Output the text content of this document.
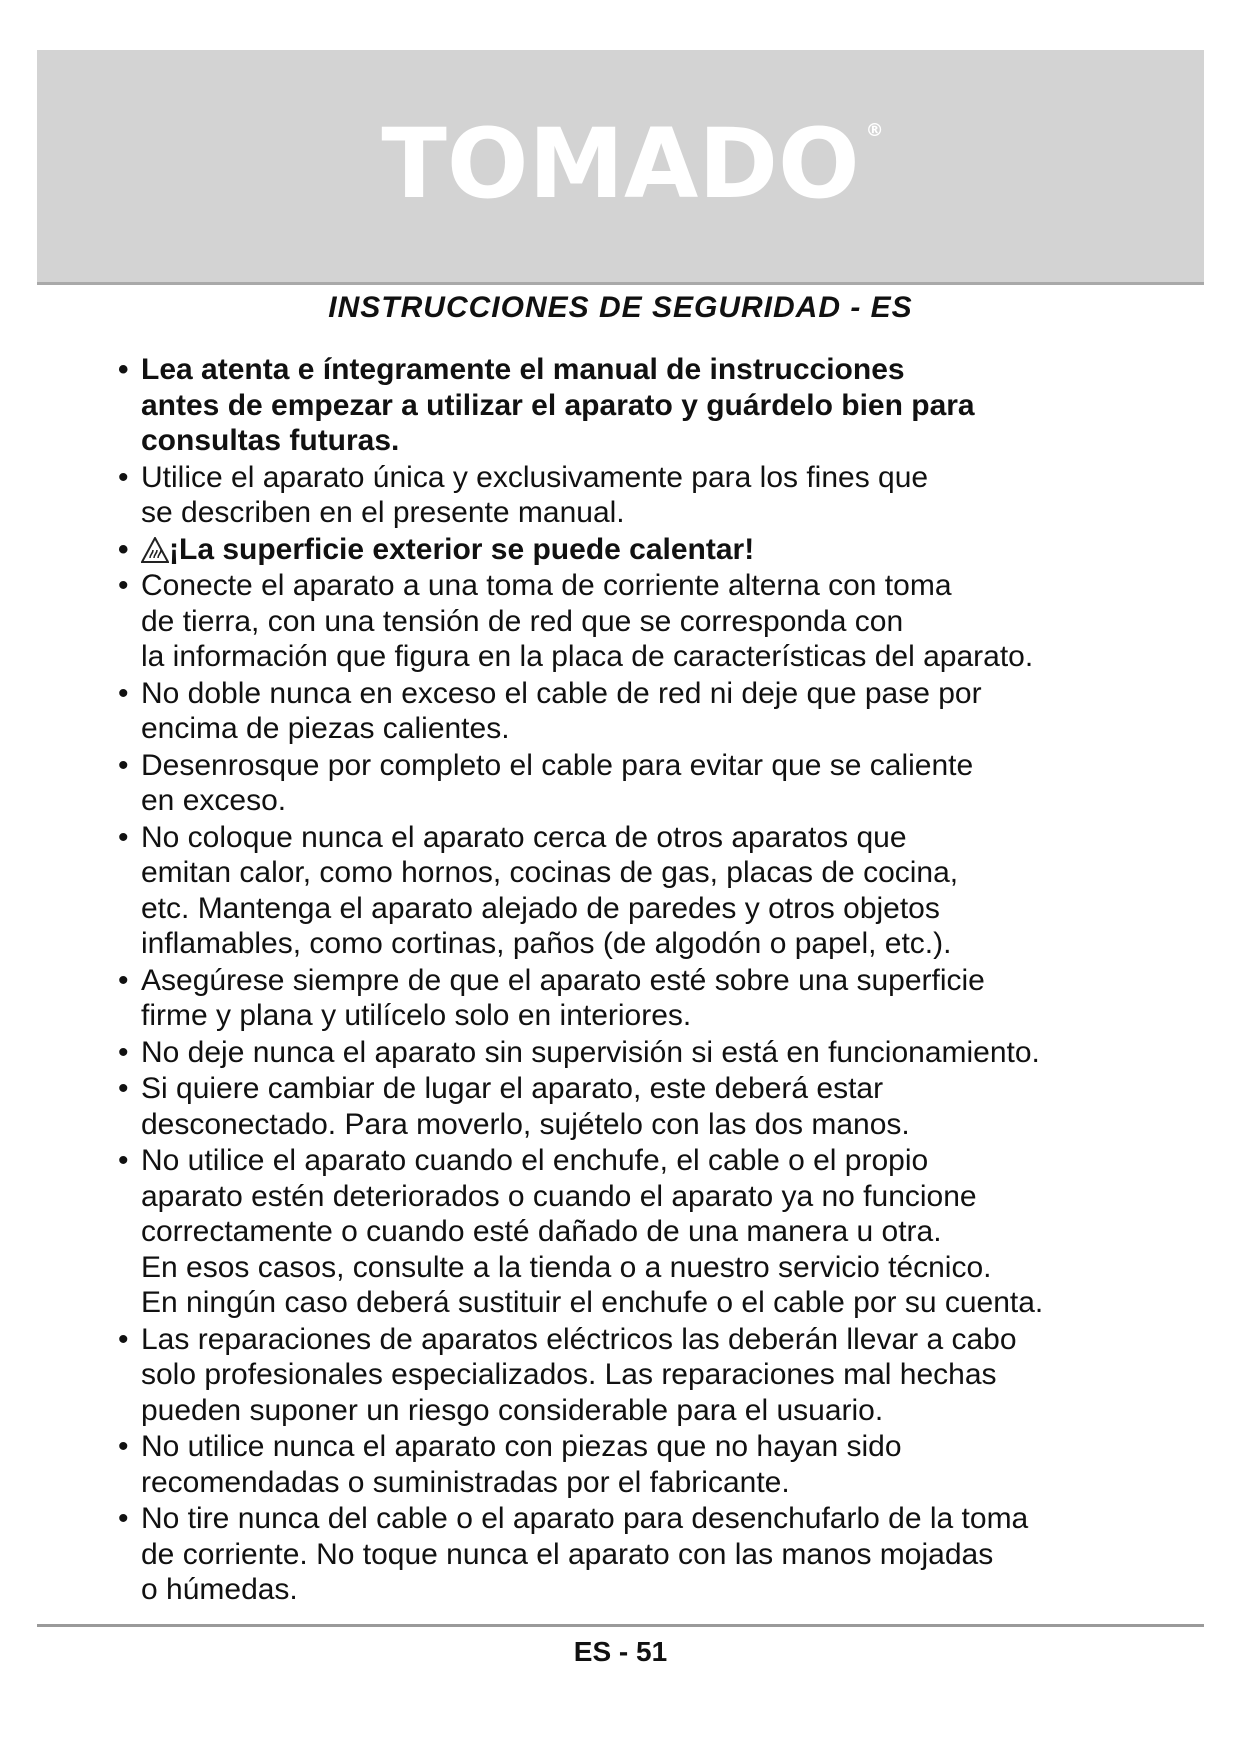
TOMADO ®
INSTRUCCIONES DE SEGURIDAD - ES
• Lea atenta e íntegramente el manual de instrucciones
antes de empezar a utilizar el aparato y guárdelo bien para
consultas futuras.
• Utilice el aparato única y exclusivamente para los fines que
se describen en el presente manual.
•	¡La superficie exterior se puede calentar!
• Conecte el aparato a una toma de corriente alterna con toma
de tierra, con una tensión de red que se corresponda con
la información que figura en la placa de características del aparato.
• No doble nunca en exceso el cable de red ni deje que pase por
encima de piezas calientes.
• Desenrosque por completo el cable para evitar que se caliente
en exceso.
• No coloque nunca el aparato cerca de otros aparatos que
emitan calor, como hornos, cocinas de gas, placas de cocina,
etc. Mantenga el aparato alejado de paredes y otros objetos
inflamables, como cortinas, paños (de algodón o papel, etc.).
• Asegúrese siempre de que el aparato esté sobre una superficie
firme y plana y utilícelo solo en interiores.
• No deje nunca el aparato sin supervisión si está en funcionamiento.
• Si quiere cambiar de lugar el aparato, este deberá estar
desconectado. Para moverlo, sujételo con las dos manos.
• No utilice el aparato cuando el enchufe, el cable o el propio
aparato estén deteriorados o cuando el aparato ya no funcione
correctamente o cuando esté dañado de una manera u otra.
En esos casos, consulte a la tienda o a nuestro servicio técnico.
En ningún caso deberá sustituir el enchufe o el cable por su cuenta.
• Las reparaciones de aparatos eléctricos las deberán llevar a cabo
solo profesionales especializados. Las reparaciones mal hechas
pueden suponer un riesgo considerable para el usuario.
• No utilice nunca el aparato con piezas que no hayan sido
recomendadas o suministradas por el fabricante.
• No tire nunca del cable o el aparato para desenchufarlo de la toma
de corriente. No toque nunca el aparato con las manos mojadas
o húmedas.
ES - 51
